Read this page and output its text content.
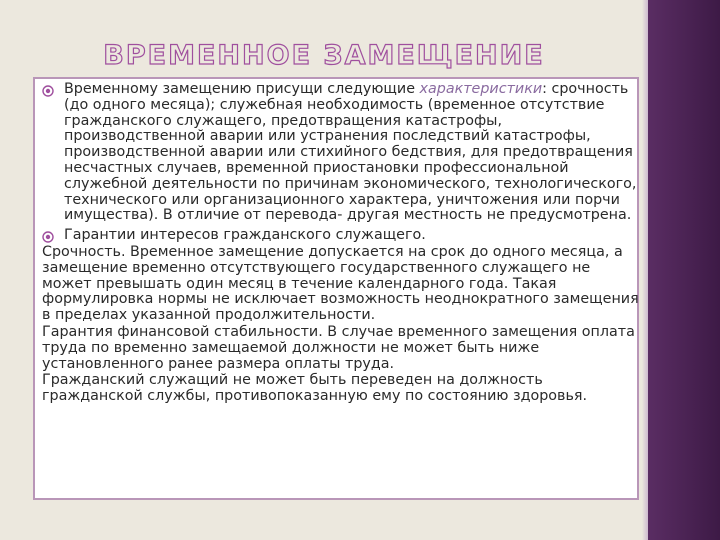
ВРЕМЕННОЕ ЗАМЕЩЕНИЕ
Временному замещению присущи следующие характеристики: срочность (до одного месяца); служебная необходимость (временное отсутствие гражданского служащего, предотвращения катастрофы, производственной аварии или устранения последствий катастрофы, производственной аварии или стихийного бедствия, для предотвращения несчастных случаев, временной приостановки профессиональной служебной деятельности по причинам экономического, технологического, технического или организационного характера, уничтожения или порчи имущества). В отличие от перевода- другая местность не предусмотрена.
Гарантии интересов гражданского служащего.
Срочность. Временное замещение допускается на срок до одного месяца, а замещение временно отсутствующего государственного служащего не может превышать один месяц в течение календарного года. Такая формулировка нормы не исключает возможность неоднократного замещения в пределах указанной продолжительности.
Гарантия финансовой стабильности. В случае временного замещения оплата труда по временно замещаемой должности не может быть ниже установленного ранее размера оплаты труда.
Гражданский служащий не может быть переведен на должность гражданской службы, противопоказанную ему по состоянию здоровья.
